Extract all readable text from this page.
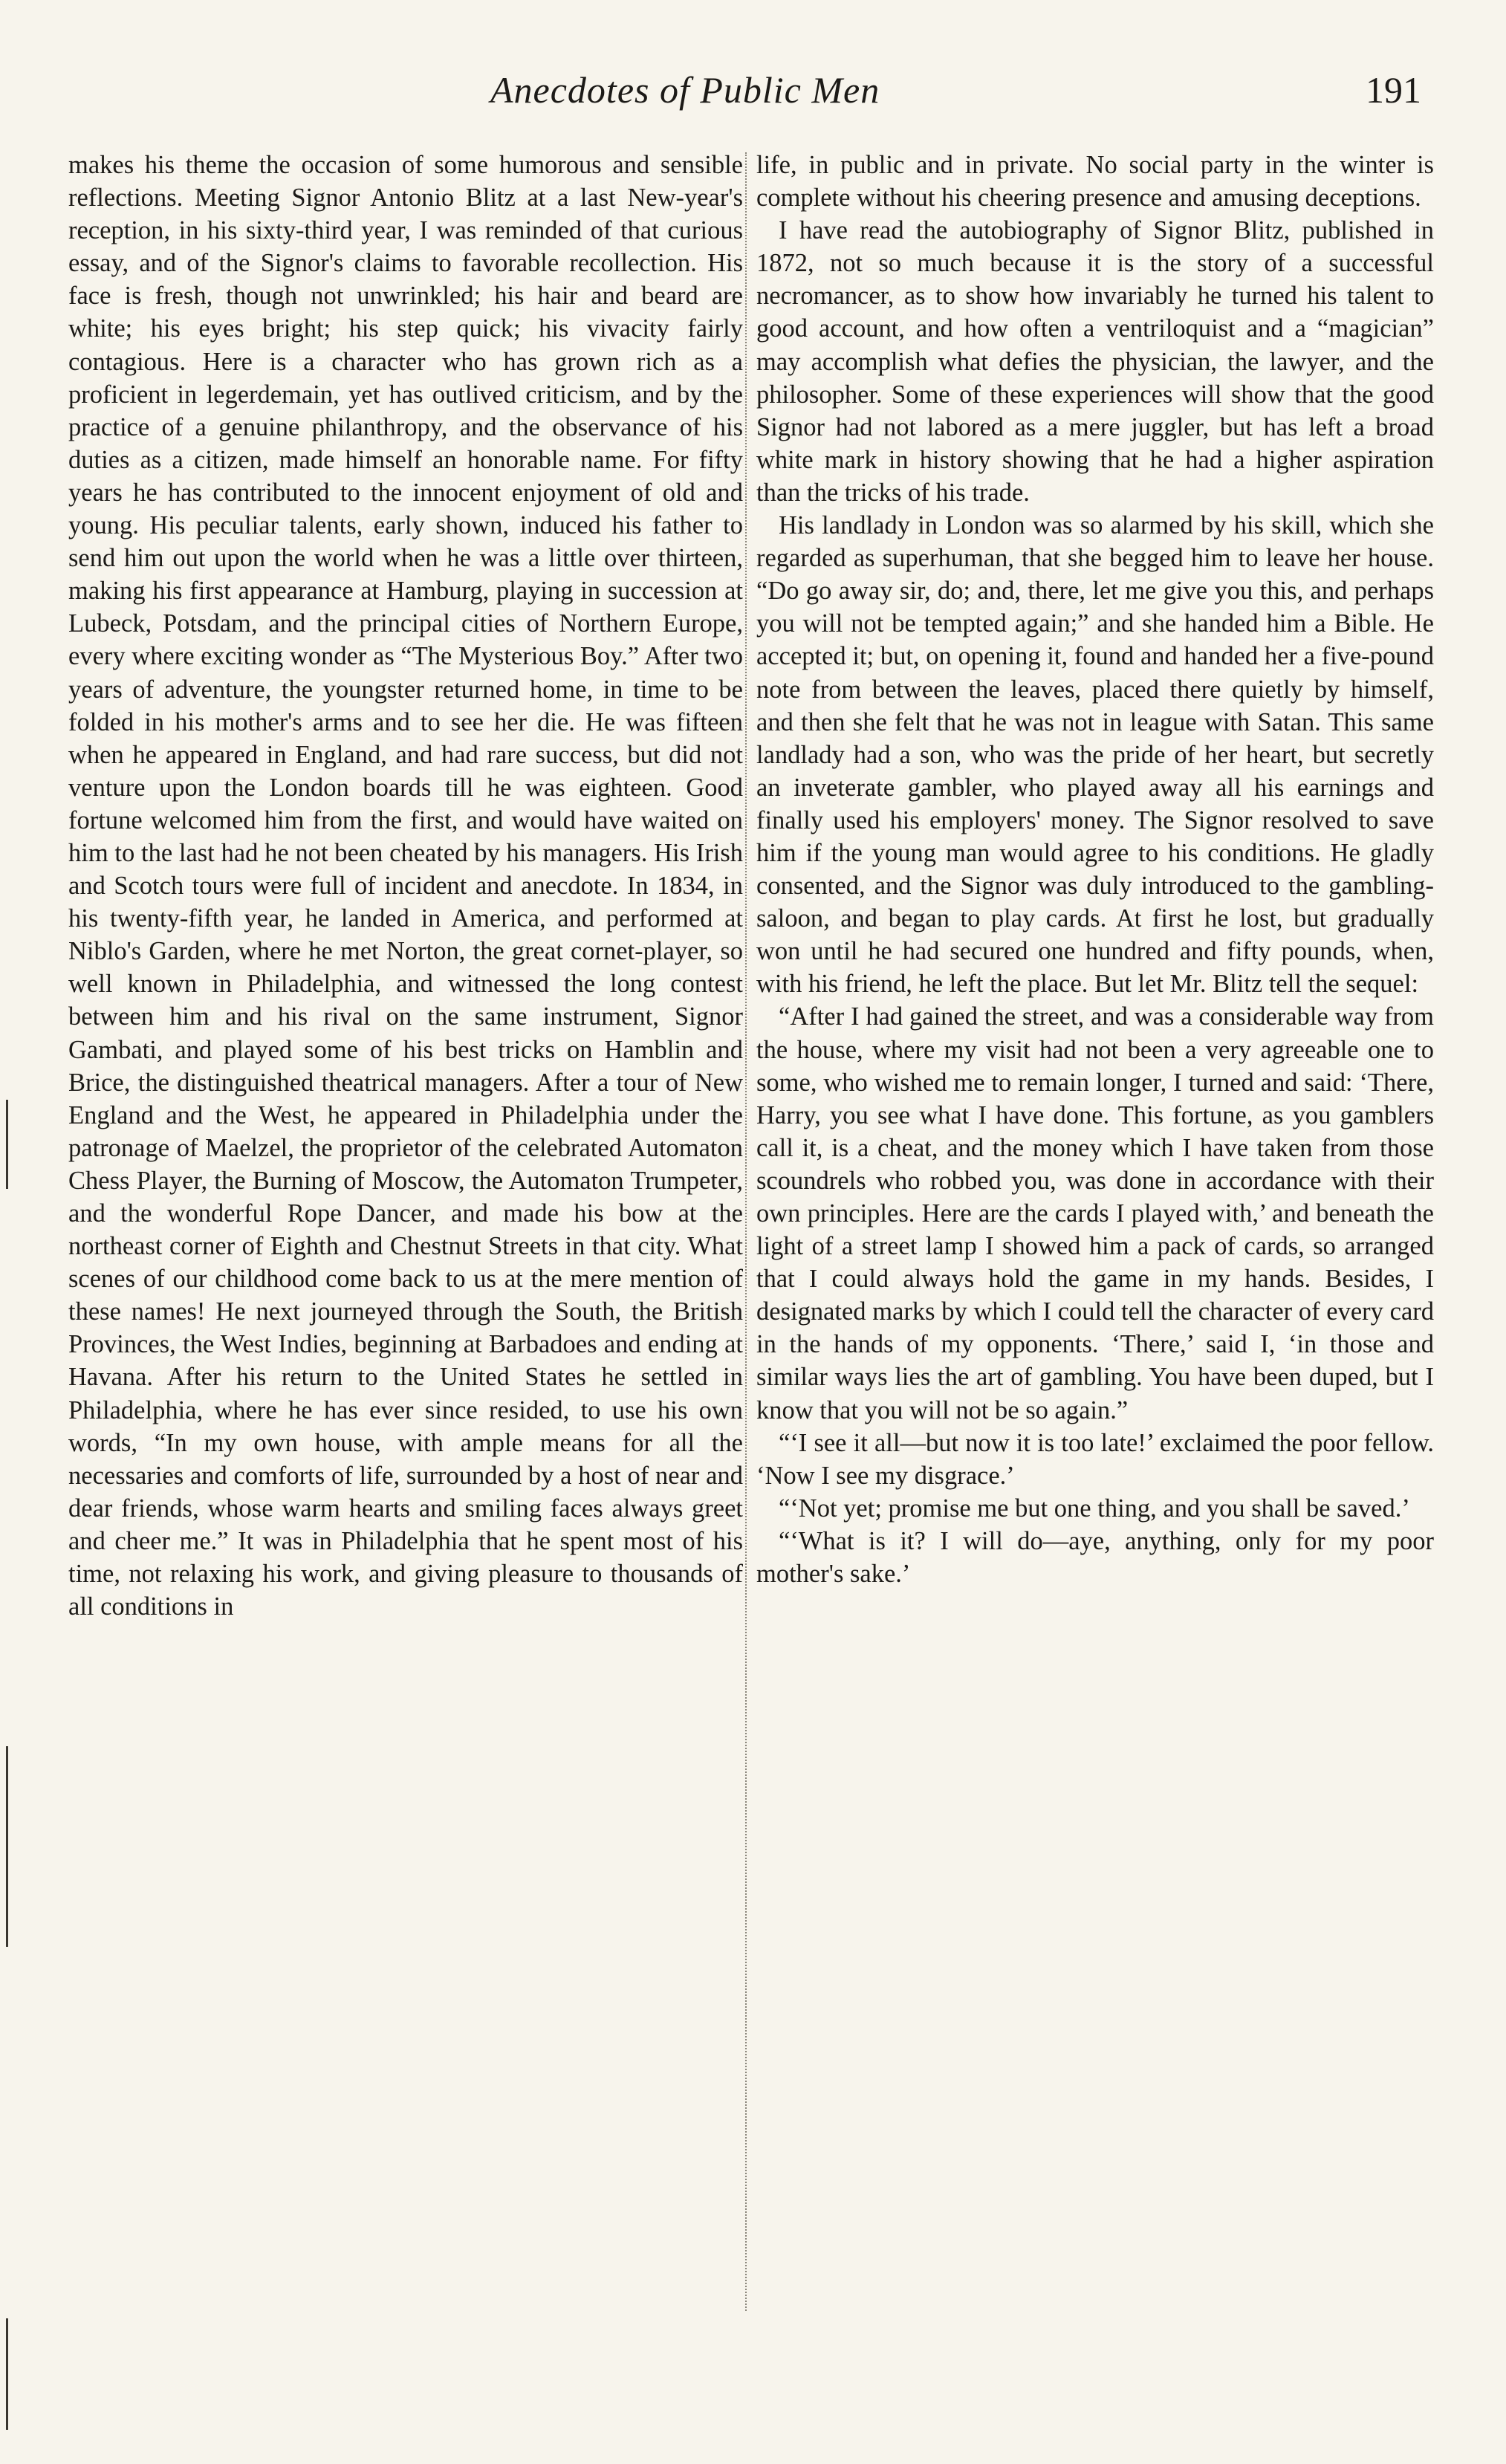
Anecdotes of Public Men	191

makes his theme the occasion of some humorous and sensible reflections. Meeting Signor Antonio Blitz at a last New-year's reception, in his sixty-third year, I was reminded of that curious essay, and of the Signor's claims to favorable recollection. His face is fresh, though not unwrinkled; his hair and beard are white; his eyes bright; his step quick; his vivacity fairly contagious. Here is a character who has grown rich as a proficient in legerdemain, yet has outlived criticism, and by the practice of a genuine philanthropy, and the observance of his duties as a citizen, made himself an honorable name. For fifty years he has contributed to the innocent enjoyment of old and young. His peculiar talents, early shown, induced his father to send him out upon the world when he was a little over thirteen, making his first appearance at Hamburg, playing in succession at Lubeck, Potsdam, and the principal cities of Northern Europe, every where exciting wonder as “The Mysterious Boy.” After two years of adventure, the youngster returned home, in time to be folded in his mother's arms and to see her die. He was fifteen when he appeared in England, and had rare success, but did not venture upon the London boards till he was eighteen. Good fortune welcomed him from the first, and would have waited on him to the last had he not been cheated by his managers. His Irish and Scotch tours were full of incident and anecdote. In 1834, in his twenty-fifth year, he landed in America, and performed at Niblo's Garden, where he met Norton, the great cornet-player, so well known in Philadelphia, and witnessed the long contest between him and his rival on the same instrument, Signor Gambati, and played some of his best tricks on Hamblin and Brice, the distinguished theatrical managers. After a tour of New England and the West, he appeared in Philadelphia under the patronage of Maelzel, the proprietor of the celebrated Automaton Chess Player, the Burning of Moscow, the Automaton Trumpeter, and the wonderful Rope Dancer, and made his bow at the northeast corner of Eighth and Chestnut Streets in that city. What scenes of our childhood come back to us at the mere mention of these names! He next journeyed through the South, the British Provinces, the West Indies, beginning at Barbadoes and ending at Havana. After his return to the United States he settled in Philadelphia, where he has ever since resided, to use his own words, “In my own house, with ample means for all the necessaries and comforts of life, surrounded by a host of near and dear friends, whose warm hearts and smiling faces always greet and cheer me.” It was in Philadelphia that he spent most of his time, not relaxing his work, and giving pleasure to thousands of all conditions in

life, in public and in private. No social party in the winter is complete without his cheering presence and amusing deceptions.

I have read the autobiography of Signor Blitz, published in 1872, not so much because it is the story of a successful necromancer, as to show how invariably he turned his talent to good account, and how often a ventriloquist and a “magician” may accomplish what defies the physician, the lawyer, and the philosopher. Some of these experiences will show that the good Signor had not labored as a mere juggler, but has left a broad white mark in history showing that he had a higher aspiration than the tricks of his trade.

His landlady in London was so alarmed by his skill, which she regarded as superhuman, that she begged him to leave her house. “Do go away sir, do; and, there, let me give you this, and perhaps you will not be tempted again;” and she handed him a Bible. He accepted it; but, on opening it, found and handed her a five-pound note from between the leaves, placed there quietly by himself, and then she felt that he was not in league with Satan. This same landlady had a son, who was the pride of her heart, but secretly an inveterate gambler, who played away all his earnings and finally used his employers' money. The Signor resolved to save him if the young man would agree to his conditions. He gladly consented, and the Signor was duly introduced to the gambling-saloon, and began to play cards. At first he lost, but gradually won until he had secured one hundred and fifty pounds, when, with his friend, he left the place. But let Mr. Blitz tell the sequel:

“After I had gained the street, and was a considerable way from the house, where my visit had not been a very agreeable one to some, who wished me to remain longer, I turned and said: ‘There, Harry, you see what I have done. This fortune, as you gamblers call it, is a cheat, and the money which I have taken from those scoundrels who robbed you, was done in accordance with their own principles. Here are the cards I played with,’ and beneath the light of a street lamp I showed him a pack of cards, so arranged that I could always hold the game in my hands. Besides, I designated marks by which I could tell the character of every card in the hands of my opponents. ‘There,’ said I, ‘in those and similar ways lies the art of gambling. You have been duped, but I know that you will not be so again.”

“‘I see it all—but now it is too late!’ exclaimed the poor fellow. ‘Now I see my disgrace.’

“‘Not yet; promise me but one thing, and you shall be saved.’

“‘What is it? I will do—aye, anything, only for my poor mother's sake.’
